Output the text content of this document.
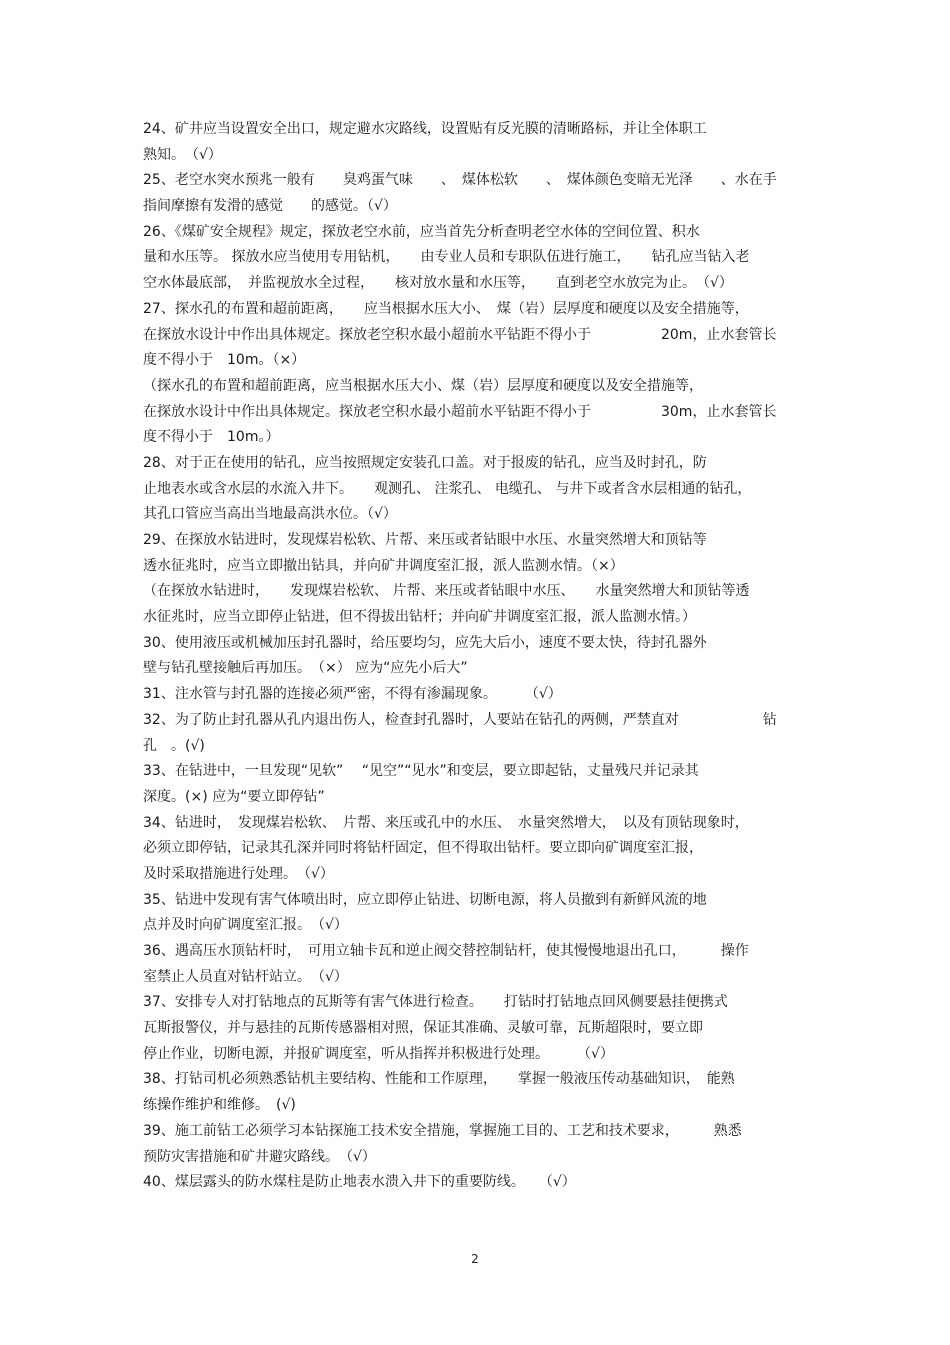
24、矿井应当设置安全出口，规定避水灾路线，设置贴有反光膜的清晰路标，并让全体职工
熟知。　（√）
25、老空水突水预兆一般有　　臭鸡蛋气味　　、　煤体松软　　、　煤体颜色变暗无光泽　　、水在手
指间摩擦有发滑的感觉　　的感觉。（√）
26、《煤矿安全规程》规定，探放老空水前，应当首先分析查明老空水体的空间位置、积水
量和水压等。 探放水应当使用专用钻机，　　由专业人员和专职队伍进行施工，　　钻孔应当钻入老
空水体最底部，　并监视放水全过程，　　核对放水量和水压等，　　直到老空水放完为止。　（√）
27、探水孔的布置和超前距离，　　应当根据水压大小、　煤（岩）层厚度和硬度以及安全措施等，
在探放水设计中作出具体规定。探放老空积水最小超前水平钻距不得小于　　　　　20m，止水套管长
度不得小于　10m。（×）
（探水孔的布置和超前距离，应当根据水压大小、煤（岩）层厚度和硬度以及安全措施等，
在探放水设计中作出具体规定。探放老空积水最小超前水平钻距不得小于　　　　　30m，止水套管长
度不得小于　10m。）
28、对于正在使用的钻孔，应当按照规定安装孔口盖。对于报废的钻孔，应当及时封孔，防
止地表水或含水层的水流入井下。　　观测孔、 注浆孔、 电缆孔、 与井下或者含水层相通的钻孔，
其孔口管应当高出当地最高洪水位。（√）
29、在探放水钻进时，发现煤岩松软、片帮、来压或者钻眼中水压、水量突然增大和顶钻等
透水征兆时，应当立即撤出钻具，并向矿井调度室汇报，派人监测水情。（×）
（在探放水钻进时，　　发现煤岩松软、 片帮、来压或者钻眼中水压、　　水量突然增大和顶钻等透
水征兆时，应当立即停止钻进，但不得拔出钻杆；并向矿井调度室汇报，派人监测水情。）
30、使用液压或机械加压封孔器时，给压要均匀，应先大后小，速度不要太快，待封孔器外
壁与钻孔壁接触后再加压。　（×） 应为“应先小后大”
31、注水管与封孔器的连接必须严密，不得有渗漏现象。　　　（√）
32、为了防止封孔器从孔内退出伤人，检查封孔器时，人要站在钻孔的两侧，严禁直对　　　　　　钻
孔　。(√)
33、在钻进中，一旦发现“见软”　 “见空”“见水”和变层，要立即起钻，丈量残尺并记录其
深度。(×) 应为“要立即停钻”
34、钻进时，　发现煤岩松软、　片帮、来压或孔中的水压、　水量突然增大，　以及有顶钻现象时，
必须立即停钻，记录其孔深并同时将钻杆固定，但不得取出钻杆。要立即向矿调度室汇报，
及时采取措施进行处理。　（√）
35、钻进中发现有害气体喷出时，应立即停止钻进、切断电源，将人员撤到有新鲜风流的地
点并及时向矿调度室汇报。　（√）
36、遇高压水顶钻杆时，　可用立轴卡瓦和逆止阀交替控制钻杆，使其慢慢地退出孔口，　　　操作
室禁止人员直对钻杆站立。　（√）
37、安排专人对打钻地点的瓦斯等有害气体进行检查。　　打钻时打钻地点回风侧要悬挂便携式
瓦斯报警仪，并与悬挂的瓦斯传感器相对照，保证其准确、灵敏可靠，瓦斯超限时，要立即
停止作业，切断电源，并报矿调度室，听从指挥并积极进行处理。　　　（√）
38、打钻司机必须熟悉钻机主要结构、性能和工作原理，　　掌握一般液压传动基础知识，　能熟
练操作维护和维修。　(√)
39、施工前钻工必须学习本钻探施工技术安全措施，掌握施工目的、工艺和技术要求，　　　熟悉
预防灾害措施和矿井避灾路线。　（√）
40、煤层露头的防水煤柱是防止地表水溃入井下的重要防线。　　（√）
2
